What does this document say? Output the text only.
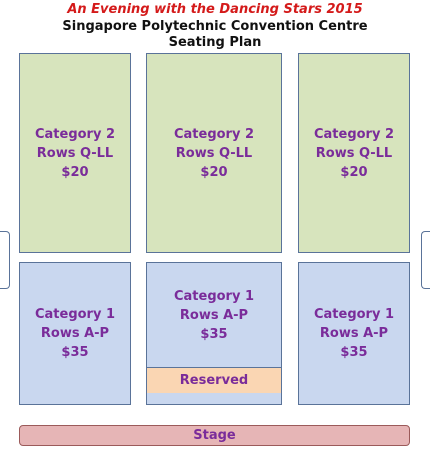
An Evening with the Dancing Stars 2015
Singapore Polytechnic Convention Centre
Seating Plan
Category 2
Rows Q-LL
$20
Category 2
Rows Q-LL
$20
Category 2
Rows Q-LL
$20
Category 1
Rows A-P
$35
Category 1
Rows A-P
$35
Reserved
Category 1
Rows A-P
$35
Stage
